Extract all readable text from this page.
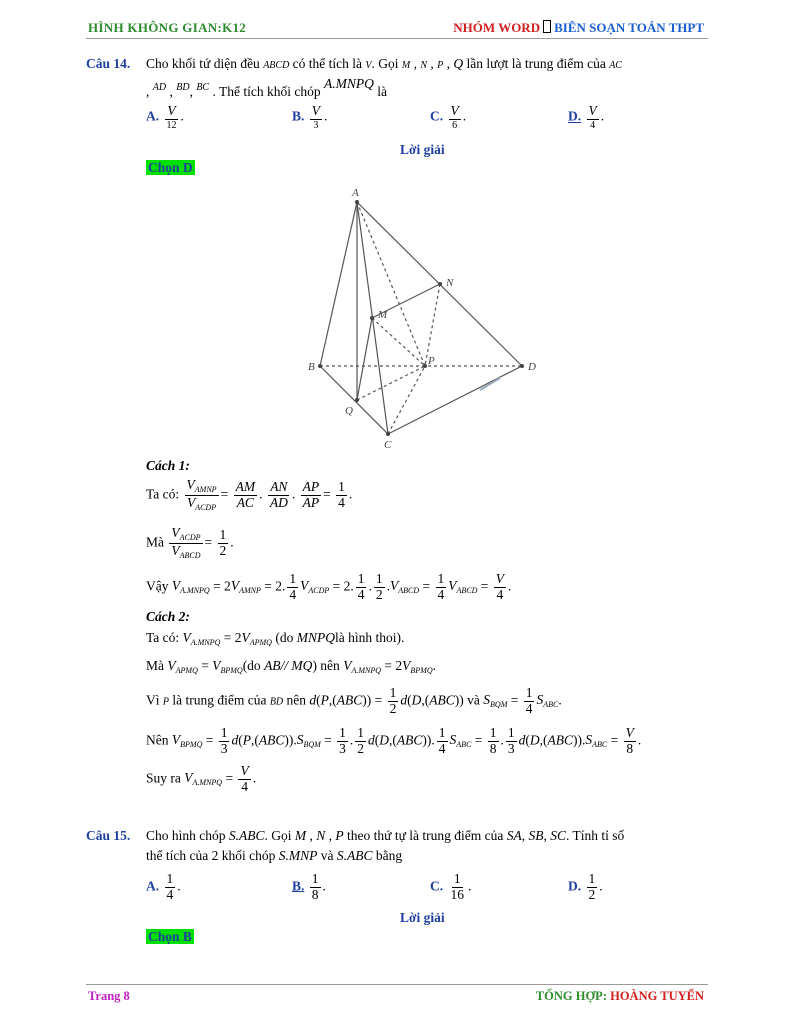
HÌNH KHÔNG GIAN:K12	NHÓM WORD BIÊN SOẠN TOÁN THPT
Câu 14. Cho khối tứ diện đều ABCD có thể tích là V. Gọi M , N , P , Q lần lượt là trung điểm của AC
, $^{AD}$ , $^{BD}$, $^{BC}$ . Thể tích khối chóp A.MNPQ là
A. $\frac{V}{12}$ .	B. $\frac{V}{3}$ .	C. $\frac{V}{6}$ .	D. $\frac{V}{4}$ .
Lời giải
Chọn D
A
N
M
B	P	D
Q
C
Cách 1:
Ta có: $\frac{V_{AMNP}}{V_{ACDP}} = \frac{AM}{AC}$ . $\frac{AN}{AD}$ . $\frac{AP}{AP} = \frac{1}{4}$ .
Mà $\frac{V_{ACDP}}{V_{ABCD}} = \frac{1}{2}$ .
Vậy $V_{A.MNPQ} = 2V_{AMNP} = 2$. $\frac{1}{4} V_{ACDP} = 2$. $\frac{1}{4}$ . $\frac{1}{2} .V_{ABCD} = \frac{1}{4} V_{ABCD} = \frac{V}{4}$ .
Cách 2:
Ta có: $V_{A.MNPQ} = 2V_{APMQ}$ (do MNPQlà hình thoi).
Mà $V_{APMQ} = V_{BPMQ}(do$ AB// MQ) nên $V_{A.MNPQ} = 2V_{BPMQ}$.
Vì P là trung điểm của BD nên $d(P,(ABC)) = \frac{1}{2} d(D,(ABC))$ và $S_{BQM} = \frac{1}{4} S_{ABC}$.
Nên $V_{BPMQ} = \frac{1}{3} d(P,(ABC)).S_{BQM} = \frac{1}{3}$ . $\frac{1}{2} d(D,(ABC))$. $\frac{1}{4} S_{ABC} = \frac{1}{8}$ . $\frac{1}{3} d(D,(ABC)).S_{ABC} = \frac{V}{8}$ .
Suy ra $V_{A.MNPQ} = \frac{V}{4}$ .
Câu 15. Cho hình chóp S.ABC. Gọi M , N , P theo thứ tự là trung điểm của SA, SB, SC. Tính tỉ số
thể tích của 2 khối chóp S.MNP và S.ABC bằng
A. $\frac{1}{4}$ .	B. $\frac{1}{8}$ .	C. $\frac{1}{16}$ .	D. $\frac{1}{2}$ .
Lời giải
Chọn B
Trang 8	TỔNG HỢP: HOÀNG TUYẾN
